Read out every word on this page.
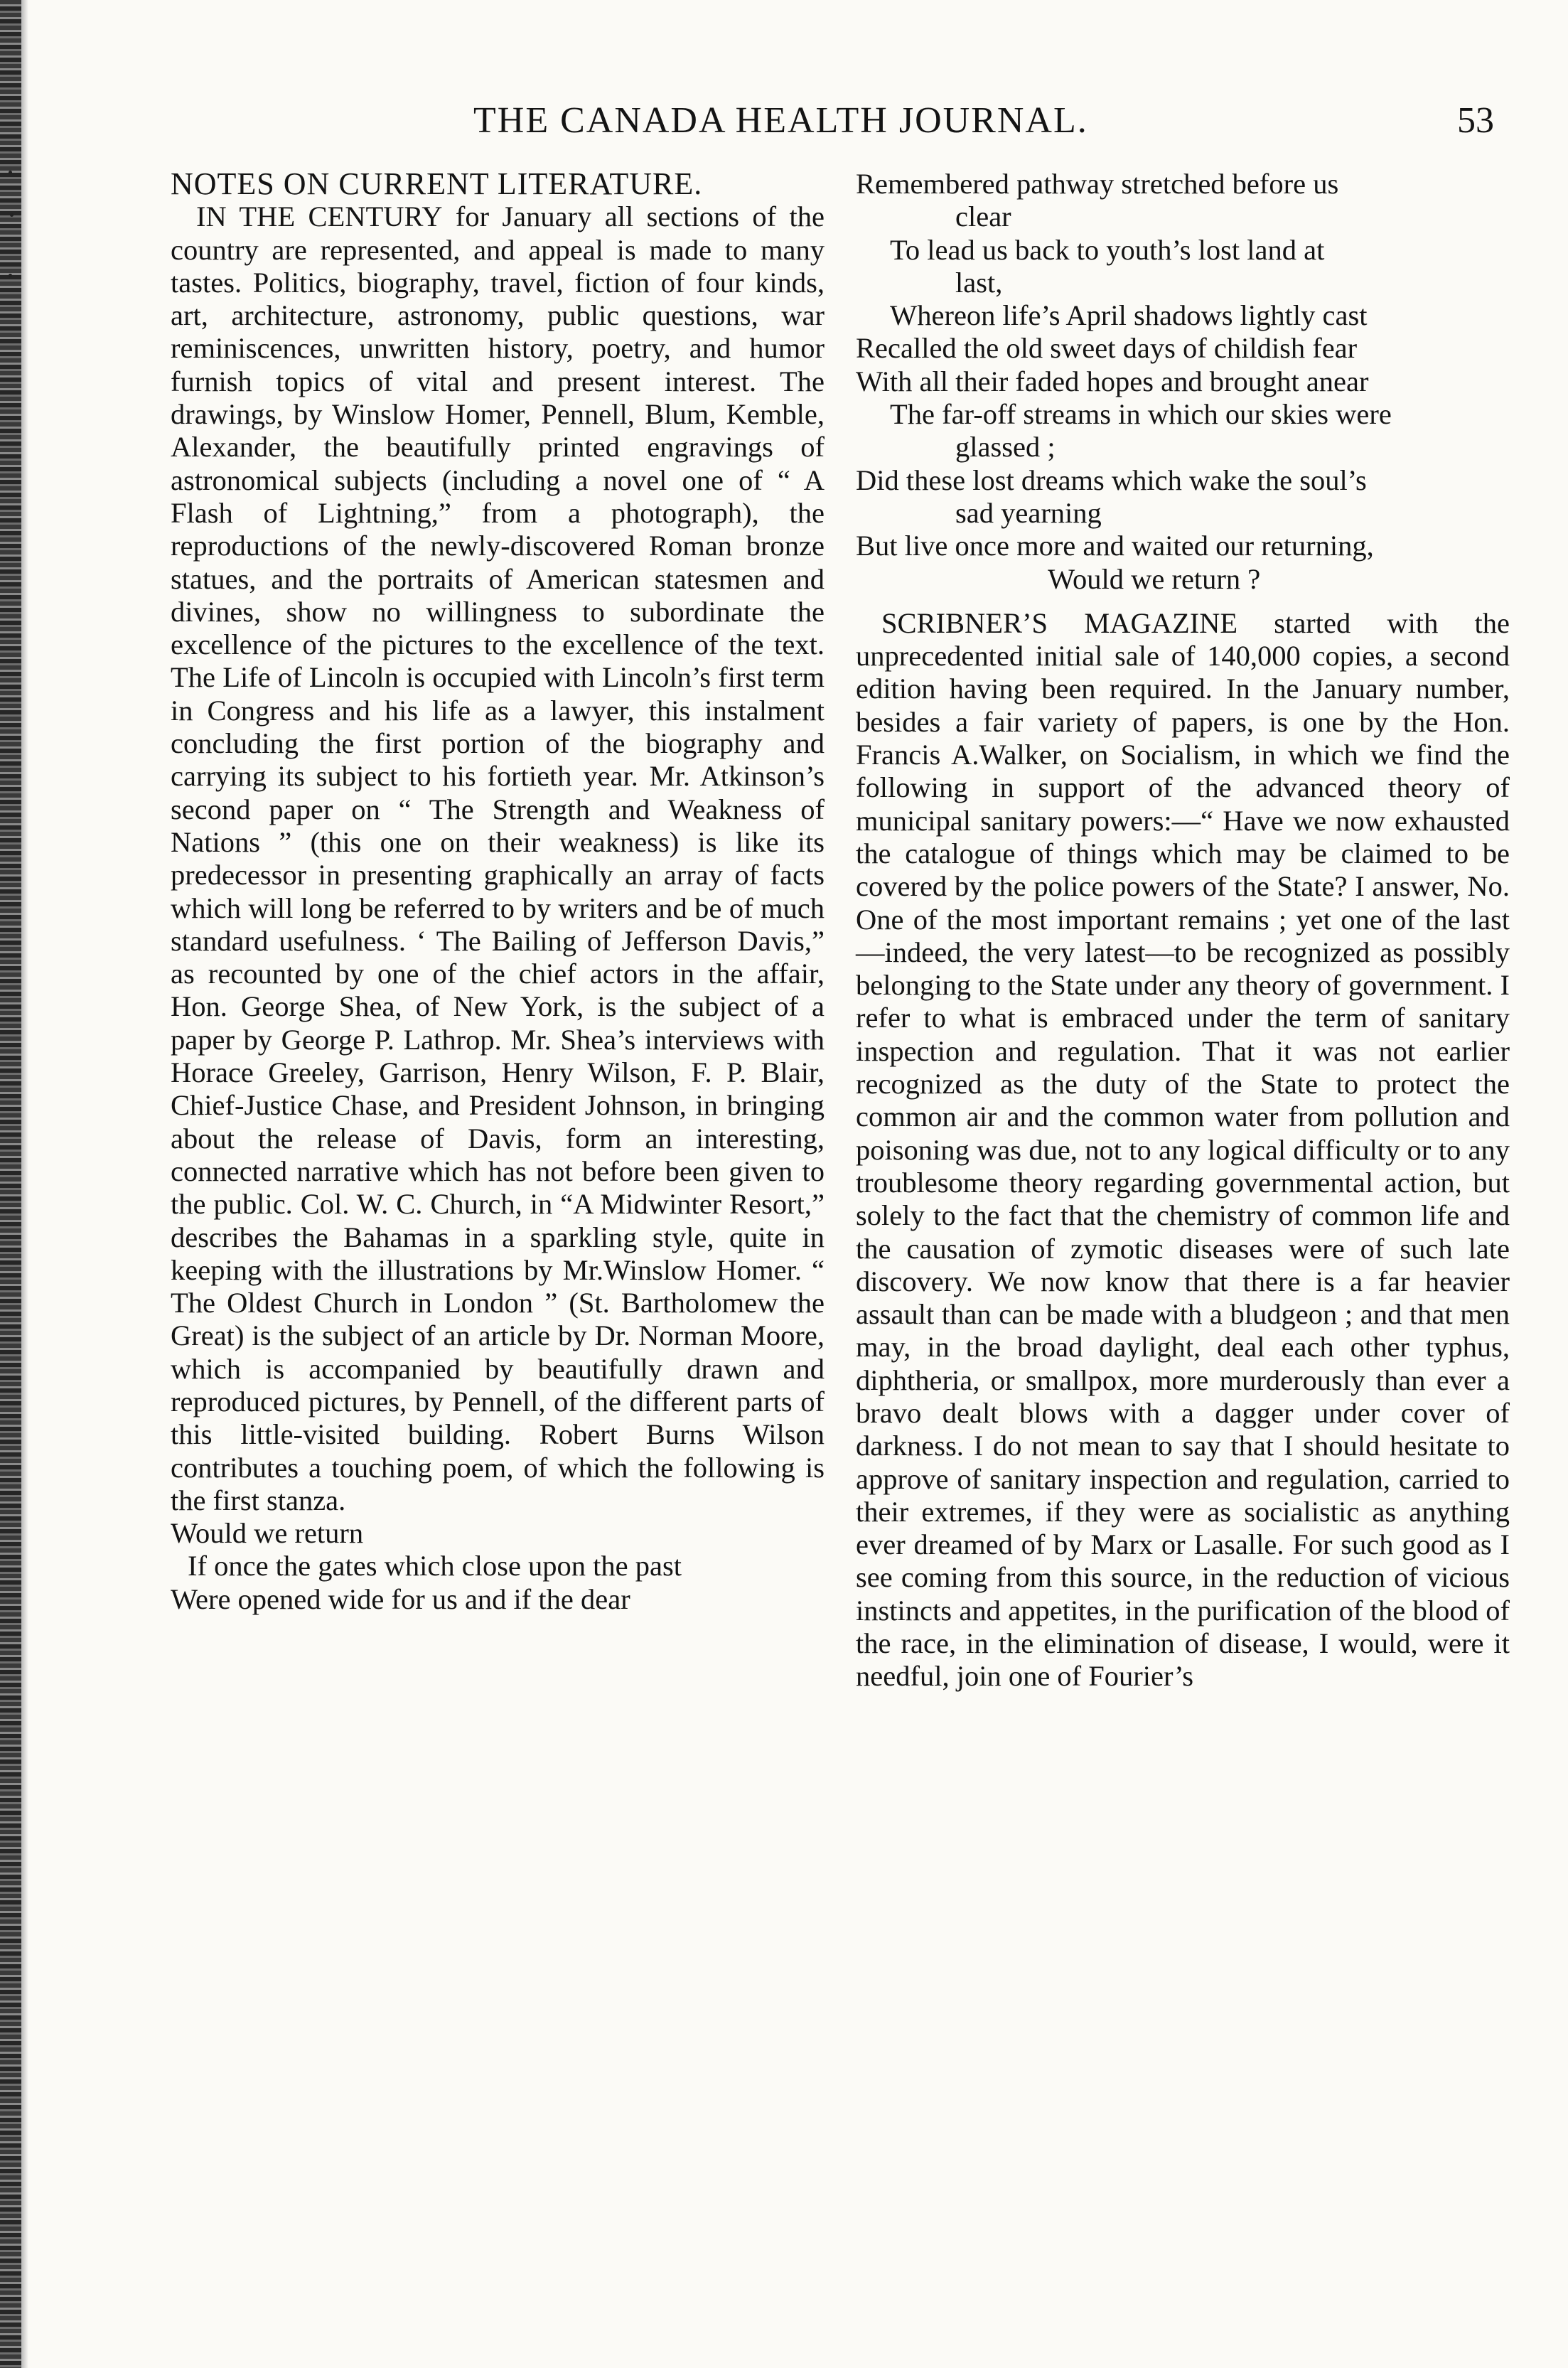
THE CANADA HEALTH JOURNAL.	53

NOTES ON CURRENT LITERATURE.

IN THE CENTURY for January all sections of the country are represented, and appeal is made to many tastes. Politics, biography, travel, fiction of four kinds, art, architecture, astronomy, public questions, war reminiscences, unwritten history, poetry, and humor furnish topics of vital and present interest. The drawings, by Winslow Homer, Pennell, Blum, Kemble, Alexander, the beautifully printed engravings of astronomical subjects (including a novel one of “ A Flash of Lightning,” from a photograph), the reproductions of the newly-discovered Roman bronze statues, and the portraits of American statesmen and divines, show no willingness to subordinate the excellence of the pictures to the excellence of the text. The Life of Lincoln is occupied with Lincoln’s first term in Congress and his life as a lawyer, this instalment concluding the first portion of the biography and carrying its subject to his fortieth year. Mr. Atkinson’s second paper on “ The Strength and Weakness of Nations ” (this one on their weakness) is like its predecessor in presenting graphically an array of facts which will long be referred to by writers and be of much standard usefulness. ‘ The Bailing of Jefferson Davis,” as recounted by one of the chief actors in the affair, Hon. George Shea, of New York, is the subject of a paper by George P. Lathrop. Mr. Shea’s interviews with Horace Greeley, Garrison, Henry Wilson, F. P. Blair, Chief-Justice Chase, and President Johnson, in bringing about the release of Davis, form an interesting, connected narrative which has not before been given to the public. Col. W. C. Church, in “A Midwinter Resort,” describes the Bahamas in a sparkling style, quite in keeping with the illustrations by Mr.Winslow Homer. “ The Oldest Church in London ” (St. Bartholomew the Great) is the subject of an article by Dr. Norman Moore, which is accompanied by beautifully drawn and reproduced pictures, by Pennell, of the different parts of this little-visited building. Robert Burns Wilson contributes a touching poem, of which the following is the first stanza.

Would we return

If once the gates which close upon the past

Were opened wide for us and if the dear

Remembered pathway stretched before us

clear

To lead us back to youth’s lost land at

last,

Whereon life’s April shadows lightly cast

Recalled the old sweet days of childish fear

With all their faded hopes and brought anear

The far-off streams in which our skies were

glassed ;

Did these lost dreams which wake the soul’s

sad yearning

But live once more and waited our returning,

Would we return ?

SCRIBNER’S MAGAZINE started with the unprecedented initial sale of 140,000 copies, a second edition having been required. In the January number, besides a fair variety of papers, is one by the Hon. Francis A.Walker, on Socialism, in which we find the following in support of the advanced theory of municipal sanitary powers:—“ Have we now exhausted the catalogue of things which may be claimed to be covered by the police powers of the State? I answer, No. One of the most important remains ; yet one of the last—indeed, the very latest—to be recognized as possibly belonging to the State under any theory of government. I refer to what is embraced under the term of sanitary inspection and regulation. That it was not earlier recognized as the duty of the State to protect the common air and the common water from pollution and poisoning was due, not to any logical difficulty or to any troublesome theory regarding governmental action, but solely to the fact that the chemistry of common life and the causation of zymotic diseases were of such late discovery. We now know that there is a far heavier assault than can be made with a bludgeon ; and that men may, in the broad daylight, deal each other typhus, diphtheria, or smallpox, more murderously than ever a bravo dealt blows with a dagger under cover of darkness. I do not mean to say that I should hesitate to approve of sanitary inspection and regulation, carried to their extremes, if they were as socialistic as anything ever dreamed of by Marx or Lasalle. For such good as I see coming from this source, in the reduction of vicious instincts and appetites, in the purification of the blood of the race, in the elimination of disease, I would, were it needful, join one of Fourier’s
